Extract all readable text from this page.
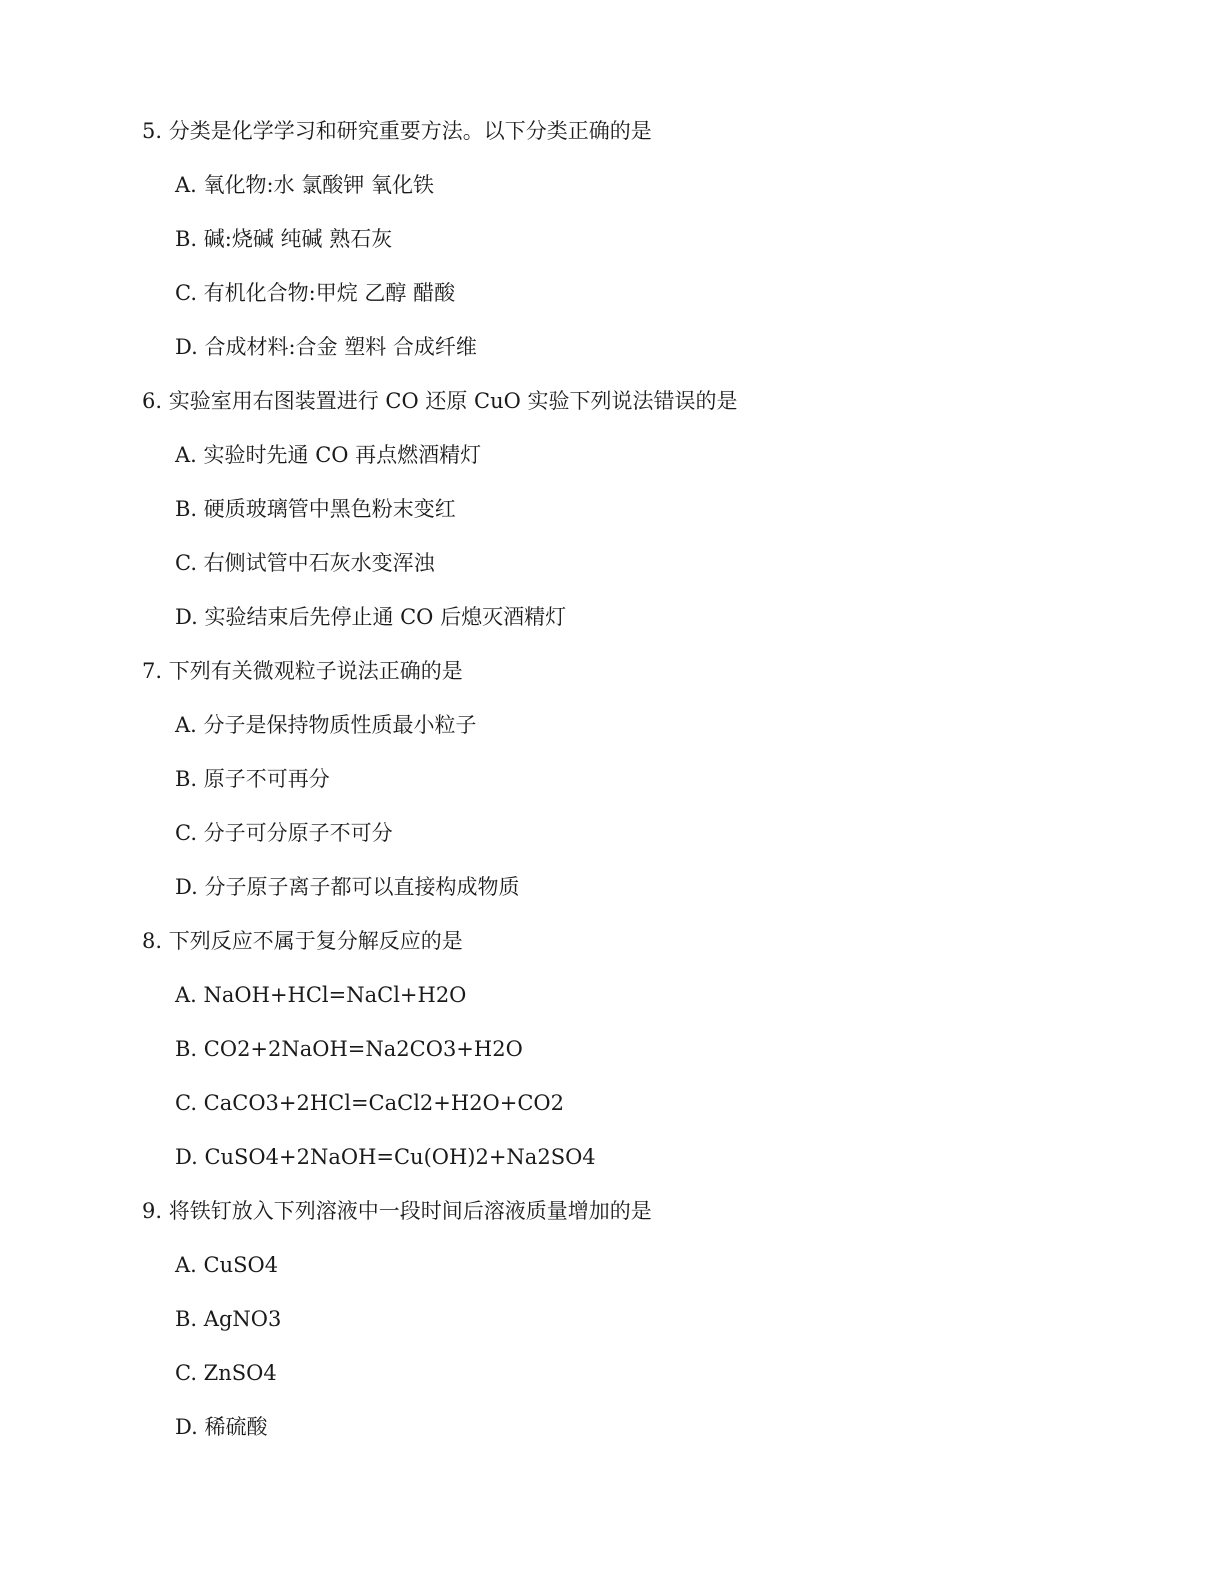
5. 分类是化学学习和研究重要方法。以下分类正确的是
A. 氧化物:水 氯酸钾 氧化铁
B. 碱:烧碱 纯碱 熟石灰
C. 有机化合物:甲烷 乙醇 醋酸
D. 合成材料:合金 塑料 合成纤维
6. 实验室用右图装置进行 CO 还原 CuO 实验下列说法错误的是
A. 实验时先通 CO 再点燃酒精灯
B. 硬质玻璃管中黑色粉末变红
C. 右侧试管中石灰水变浑浊
D. 实验结束后先停止通 CO 后熄灭酒精灯
7. 下列有关微观粒子说法正确的是
A. 分子是保持物质性质最小粒子
B. 原子不可再分
C. 分子可分原子不可分
D. 分子原子离子都可以直接构成物质
8. 下列反应不属于复分解反应的是
A. NaOH+HCl=NaCl+H2O
B. CO2+2NaOH=Na2CO3+H2O
C. CaCO3+2HCl=CaCl2+H2O+CO2
D. CuSO4+2NaOH=Cu(OH)2+Na2SO4
9. 将铁钉放入下列溶液中一段时间后溶液质量增加的是
A. CuSO4
B. AgNO3
C. ZnSO4
D. 稀硫酸
